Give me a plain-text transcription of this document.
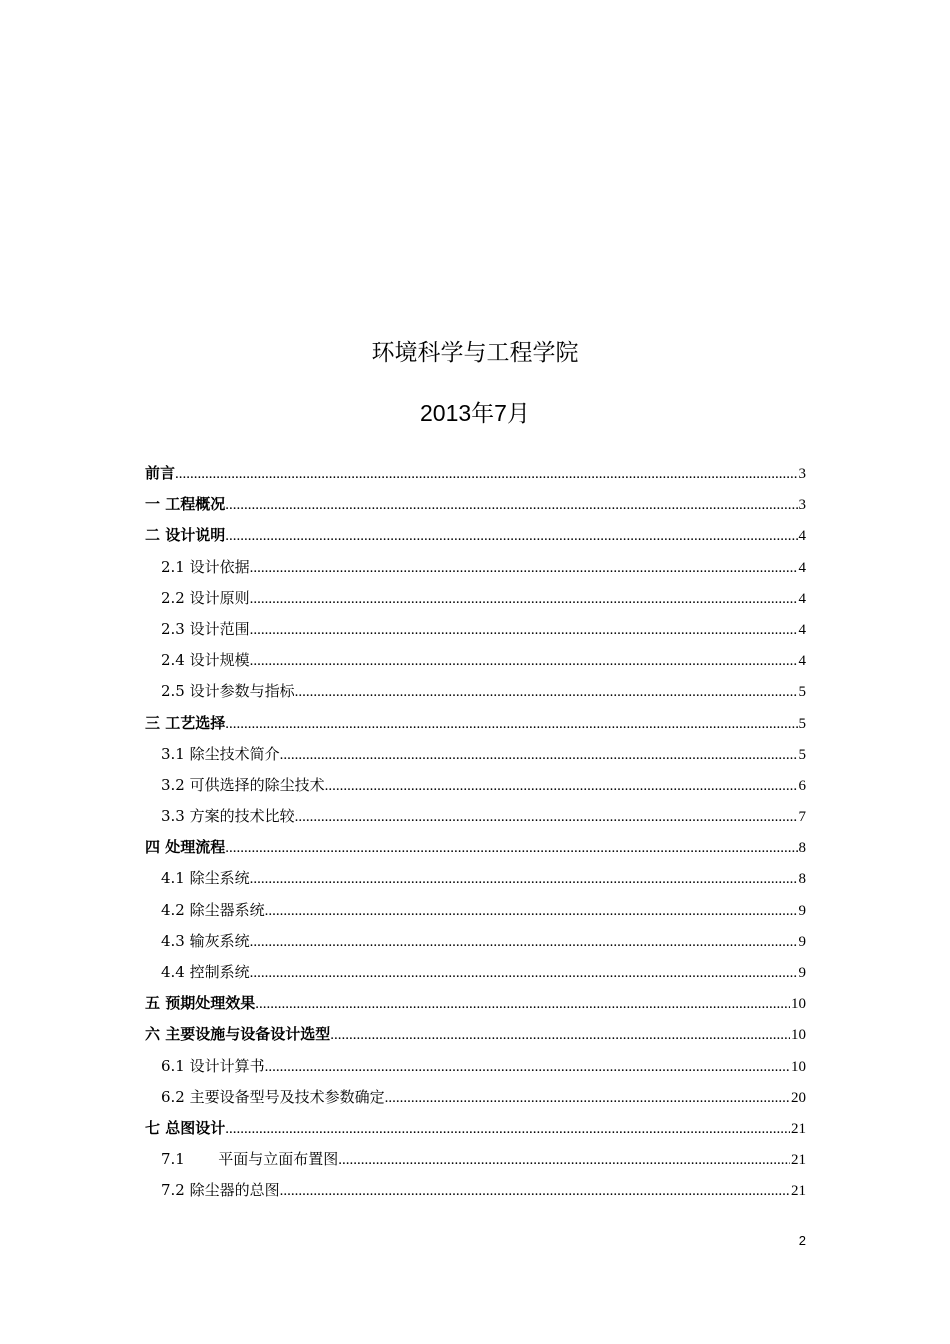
环境科学与工程学院
2013年7月
前言 .....	3
一 工程概况 .....	3
二 设计说明 .....	4
2.1 设计依据 .....	4
2.2 设计原则 .....	4
2.3 设计范围 .....	4
2.4 设计规模 .....	4
2.5 设计参数与指标 .....	5
三 工艺选择 .....	5
3.1 除尘技术简介 .....	5
3.2 可供选择的除尘技术 .....	6
3.3 方案的技术比较 .....	7
四 处理流程 .....	8
4.1 除尘系统 .....	8
4.2 除尘器系统 .....	9
4.3 输灰系统 .....	9
4.4 控制系统 .....	9
五 预期处理效果 .....	10
六 主要设施与设备设计选型 .....	10
6.1 设计计算书 .....	10
6.2 主要设备型号及技术参数确定 .....	20
七 总图设计 .....	21
7.1       平面与立面布置图 .....	21
7.2 除尘器的总图 .....	21
2
